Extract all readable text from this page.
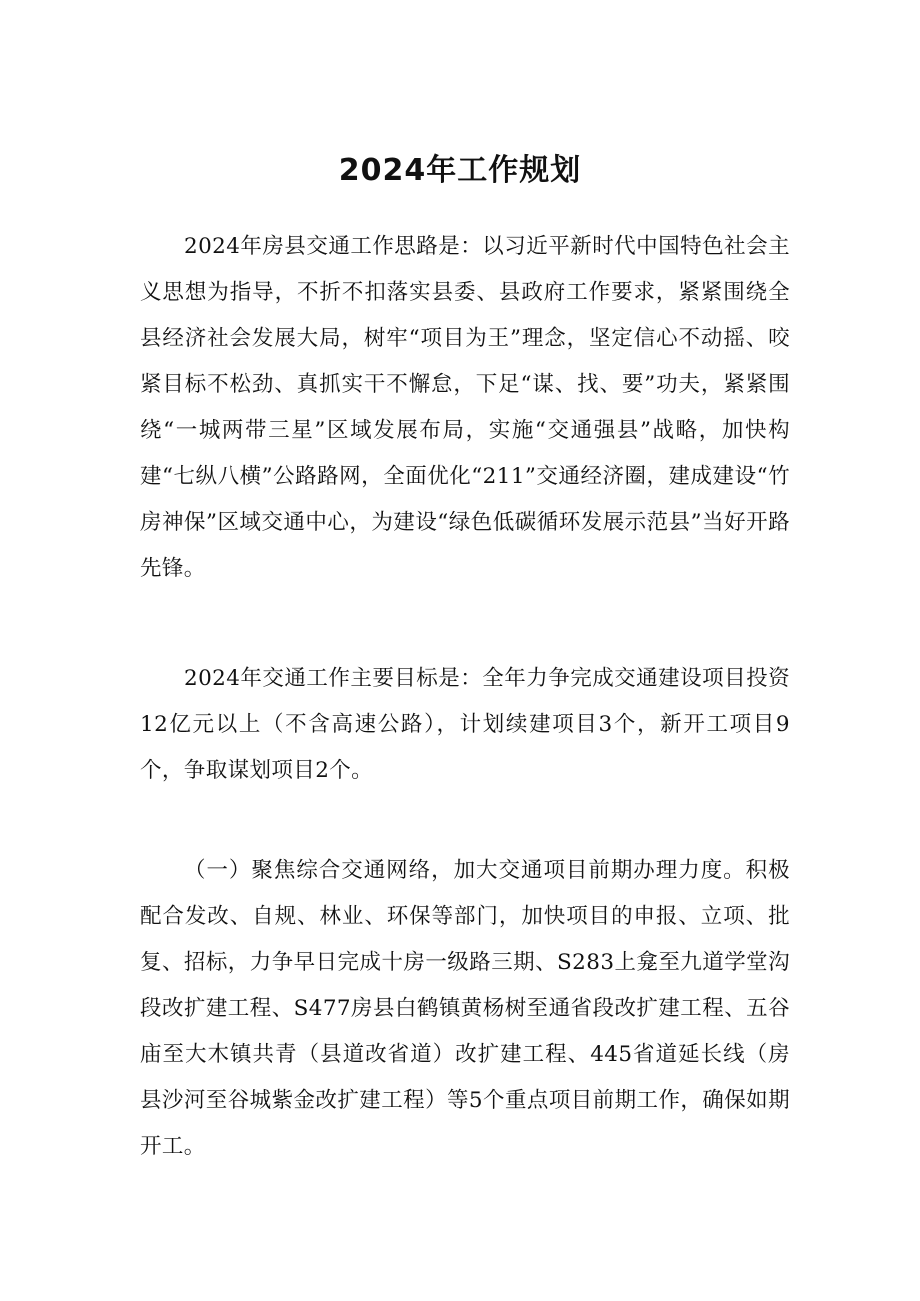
2024年工作规划

2024年房县交通工作思路是：以习近平新时代中国特色社会主义思想为指导，不折不扣落实县委、县政府工作要求，紧紧围绕全县经济社会发展大局，树牢“项目为王”理念，坚定信心不动摇、咬紧目标不松劲、真抓实干不懈怠，下足“谋、找、要”功夫，紧紧围绕“一城两带三星”区域发展布局，实施“交通强县”战略，加快构建“七纵八横”公路路网，全面优化“211”交通经济圈，建成建设“竹房神保”区域交通中心，为建设“绿色低碳循环发展示范县”当好开路先锋。

2024年交通工作主要目标是：全年力争完成交通建设项目投资12亿元以上（不含高速公路），计划续建项目3个，新开工项目9个，争取谋划项目2个。

（一）聚焦综合交通网络，加大交通项目前期办理力度。积极配合发改、自规、林业、环保等部门，加快项目的申报、立项、批复、招标，力争早日完成十房一级路三期、S283上龛至九道学堂沟段改扩建工程、S477房县白鹤镇黄杨树至通省段改扩建工程、五谷庙至大木镇共青（县道改省道）改扩建工程、445省道延长线（房县沙河至谷城紫金改扩建工程）等5个重点项目前期工作，确保如期开工。
